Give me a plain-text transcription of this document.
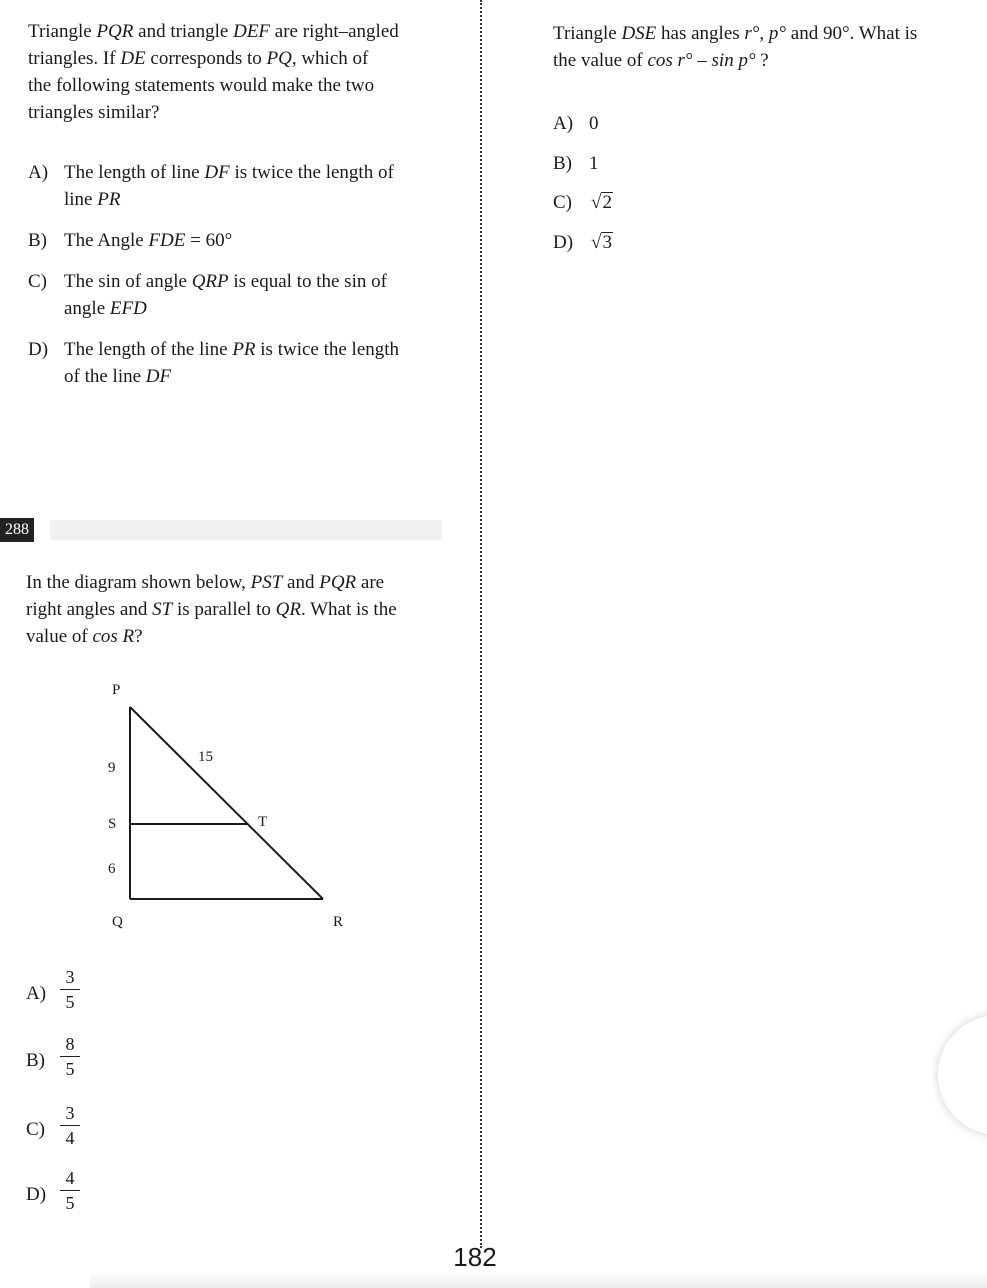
Triangle PQR and triangle DEF are right–angled
triangles. If DE corresponds to PQ, which of
the following statements would make the two
triangles similar?
A) The length of line DF is twice the length of
line PR
B) The Angle FDE = 60°
C) The sin of angle QRP is equal to the sin of
angle EFD
D) The length of the line PR is twice the length
of the line DF
288
In the diagram shown below, PST and PQR are
right angles and ST is parallel to QR. What is the
value of cos R?
P
9
15
S	T
6
Q	R
A)
3
5
B)
8
5
C)
3
4
D)
4
5
Triangle DSE has angles r°, p° and 90°. What is
the value of cos r° – sin p° ?
A) 0
B) 1
C) √2
D) √3
182
